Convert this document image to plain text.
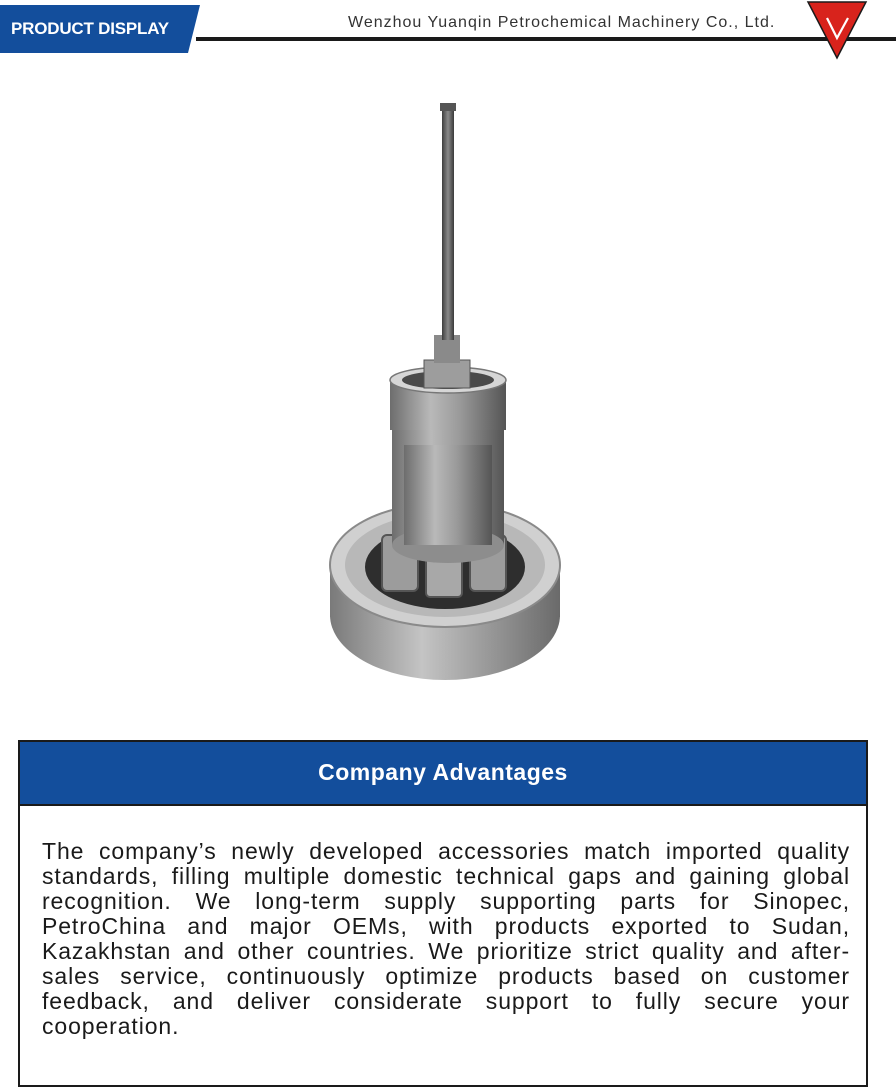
PRODUCT DISPLAY	Wenzhou Yuanqin Petrochemical Machinery Co., Ltd.
Company Advantages
The company’s newly developed accessories match imported quality standards, filling multiple domestic technical gaps and gaining global recognition. We long-term supply supporting parts for Sinopec, PetroChina and major OEMs, with products exported to Sudan, Kazakhstan and other countries. We prioritize strict quality and after-sales service, continuously optimize products based on customer feedback, and deliver considerate support to fully secure your cooperation.
